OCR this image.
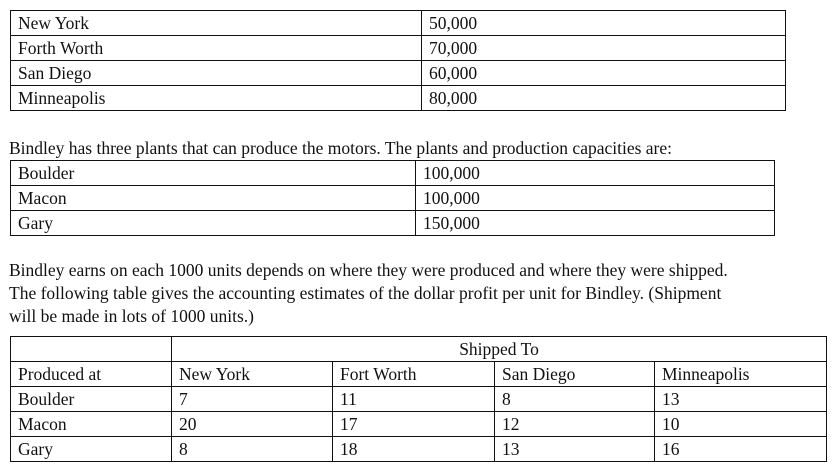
New York	50,000
Forth Worth	70,000
San Diego	60,000
Minneapolis	80,000

Bindley has three plants that can produce the motors. The plants and production capacities are:

Boulder	100,000
Macon	100,000
Gary	150,000

Bindley earns on each 1000 units depends on where they were produced and where they were shipped.

The following table gives the accounting estimates of the dollar profit per unit for Bindley. (Shipment

will be made in lots of 1000 units.)

	Shipped To			
Produced at	New York	Fort Worth	San Diego	Minneapolis
Boulder	7	11	8	13
Macon	20	17	12	10
Gary	8	18	13	16
